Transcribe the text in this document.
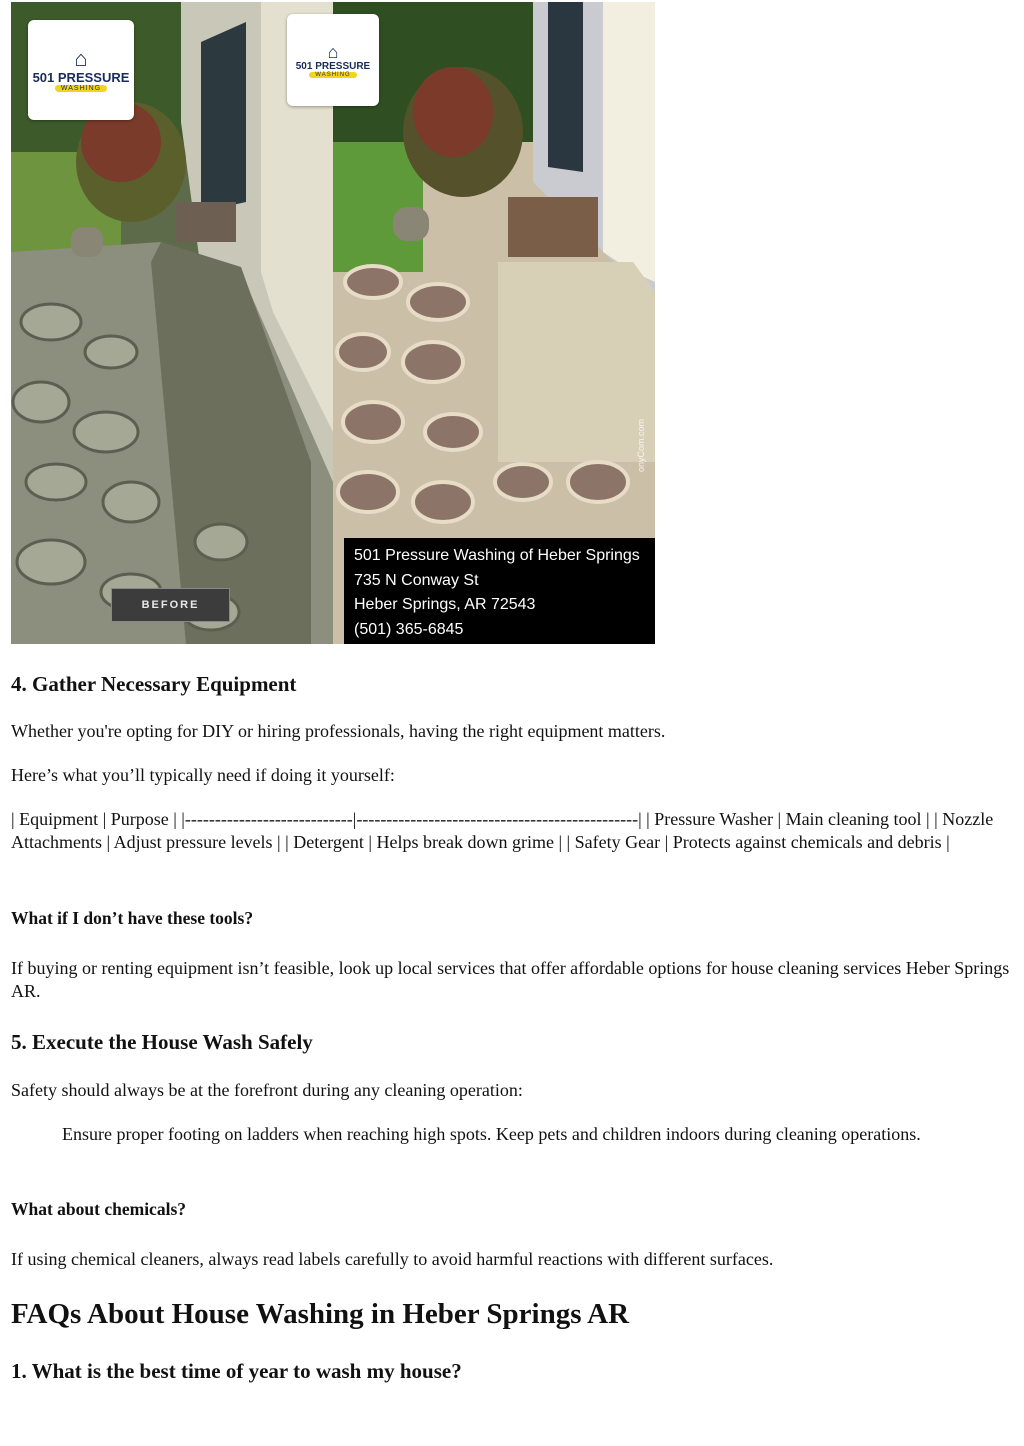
⌂
501 PRESSURE
WASHING
⌂
501 PRESSURE
WASHING
BEFORE
onyCom.com
501 Pressure Washing of Heber Springs
735 N Conway St
Heber Springs, AR 72543
(501) 365-6845
4. Gather Necessary Equipment

Whether you're opting for DIY or hiring professionals, having the right equipment matters.

Here’s what you’ll typically need if doing it yourself:

| Equipment | Purpose | |----------------------------|-----------------------------------------------| | Pressure Washer | Main cleaning tool | | Nozzle Attachments | Adjust pressure levels | | Detergent | Helps break down grime | | Safety Gear | Protects against chemicals and debris |

What if I don’t have these tools?

If buying or renting equipment isn’t feasible, look up local services that offer affordable options for house cleaning services Heber Springs AR.

5. Execute the House Wash Safely

Safety should always be at the forefront during any cleaning operation:

Ensure proper footing on ladders when reaching high spots. Keep pets and children indoors during cleaning operations.
What about chemicals?

If using chemical cleaners, always read labels carefully to avoid harmful reactions with different surfaces.

FAQs About House Washing in Heber Springs AR
1. What is the best time of year to wash my house?
